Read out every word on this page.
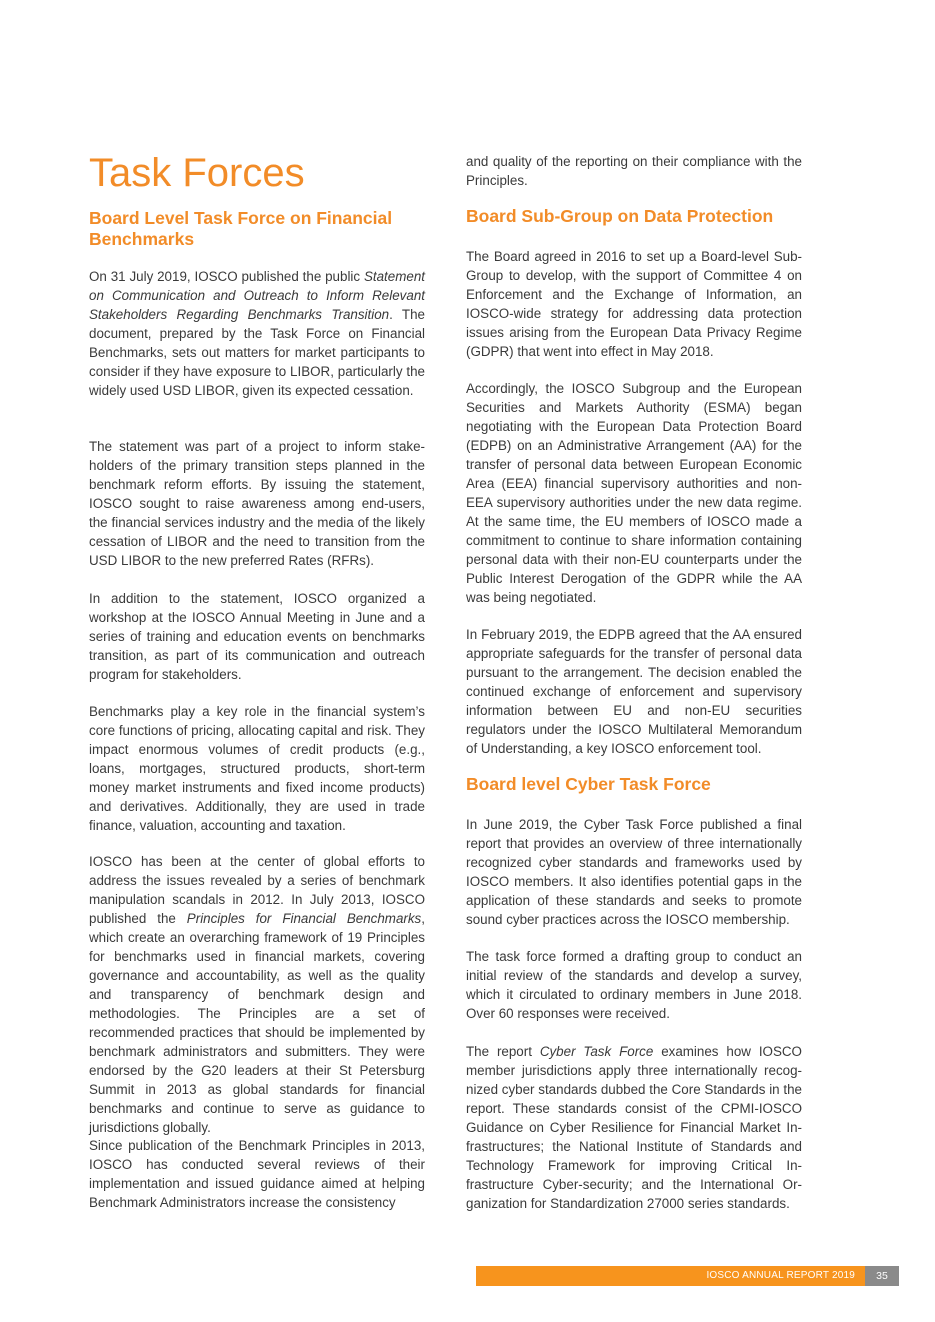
Task Forces
Board Level Task Force on Financial Benchmarks

On 31 July 2019, IOSCO published the public Statement on Communication and Outreach to Inform Relevant Stakeholders Regarding Benchmarks Transition. The document, prepared by the Task Force on Financial Benchmarks, sets out matters for market participants to consider if they have exposure to LIBOR, particularly the widely used USD LIBOR, given its expected cessation.

The statement was part of a project to inform stake-holders of the primary transition steps planned in the benchmark reform efforts. By issuing the statement, IOSCO sought to raise awareness among end-users, the financial services industry and the media of the likely cessation of LIBOR and the need to transition from the USD LIBOR to the new preferred Rates (RFRs).

In addition to the statement, IOSCO organized a workshop at the IOSCO Annual Meeting in June and a series of training and education events on benchmarks transition, as part of its communication and outreach program for stakeholders.

Benchmarks play a key role in the financial system’s core functions of pricing, allocating capital and risk. They impact enormous volumes of credit products (e.g., loans, mortgages, structured products, short-term money market instruments and fixed income products) and derivatives. Additionally, they are used in trade finance, valuation, accounting and taxation.

IOSCO has been at the center of global efforts to address the issues revealed by a series of benchmark manipulation scandals in 2012. In July 2013, IOSCO published the Principles for Financial Benchmarks, which create an overarching framework of 19 Principles for benchmarks used in financial markets, covering governance and accountability, as well as the quality and transparency of benchmark design and methodologies. The Principles are a set of recommended practices that should be implemented by benchmark administrators and submitters. They were endorsed by the G20 leaders at their St Petersburg Summit in 2013 as global standards for financial benchmarks and continue to serve as guidance to jurisdictions globally.

Since publication of the Benchmark Principles in 2013, IOSCO has conducted several reviews of their implementation and issued guidance aimed at helping Benchmark Administrators increase the consistency

and quality of the reporting on their compliance with the Principles.

Board Sub-Group on Data Protection

The Board agreed in 2016 to set up a Board-level Sub-Group to develop, with the support of Committee 4 on Enforcement and the Exchange of Information, an IOSCO-wide strategy for addressing data protection issues arising from the European Data Privacy Regime (GDPR) that went into effect in May 2018.

Accordingly, the IOSCO Subgroup and the European Securities and Markets Authority (ESMA) began negotiating with the European Data Protection Board (EDPB) on an Administrative Arrangement (AA) for the transfer of personal data between European Economic Area (EEA) financial supervisory authorities and non-EEA supervisory authorities under the new data regime. At the same time, the EU members of IOSCO made a commitment to continue to share information containing personal data with their non-EU counterparts under the Public Interest Derogation of the GDPR while the AA was being negotiated.

In February 2019, the EDPB agreed that the AA ensured appropriate safeguards for the transfer of personal data pursuant to the arrangement. The decision enabled the continued exchange of enforcement and supervisory information between EU and non-EU securities regulators under the IOSCO Multilateral Memorandum of Understanding, a key IOSCO enforcement tool.

Board level Cyber Task Force

In June 2019, the Cyber Task Force published a final report that provides an overview of three internationally recognized cyber standards and frameworks used by IOSCO members. It also identifies potential gaps in the application of these standards and seeks to promote sound cyber practices across the IOSCO membership.

The task force formed a drafting group to conduct an initial review of the standards and develop a survey, which it circulated to ordinary members in June 2018. Over 60 responses were received.

The report Cyber Task Force examines how IOSCO member jurisdictions apply three internationally recog-nized cyber standards dubbed the Core Standards in the report. These standards consist of the CPMI-IOSCO Guidance on Cyber Resilience for Financial Market In-frastructures; the National Institute of Standards and Technology Framework for improving Critical In-frastructure Cyber-security; and the International Or-ganization for Standardization 27000 series standards.

IOSCO ANNUAL REPORT 2019	35
